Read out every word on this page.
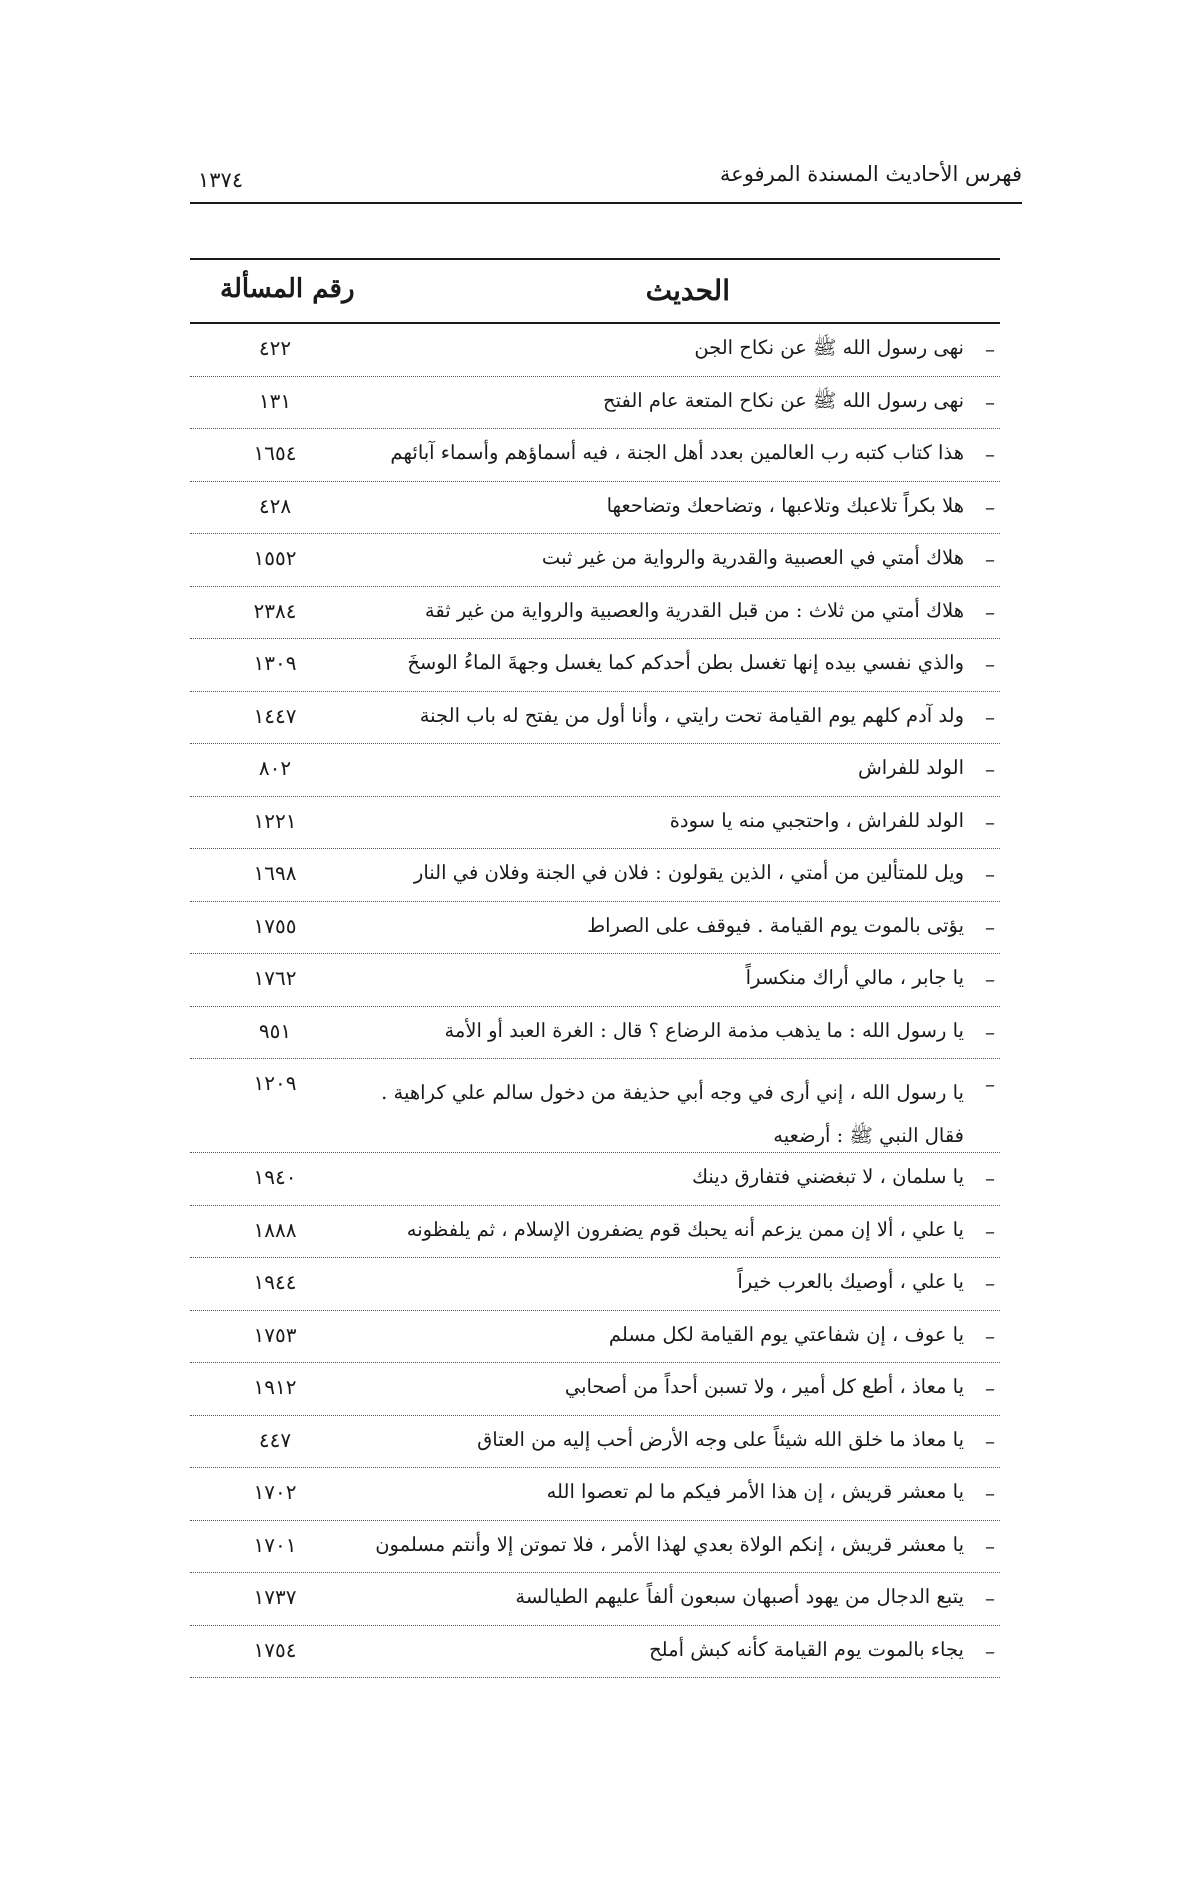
فهرس الأحاديث المسندة المرفوعة
١٣٧٤
الحديث
رقم المسألة
–
نهى رسول الله ﷺ عن نكاح الجن
٤٢٢
–
نهى رسول الله ﷺ عن نكاح المتعة عام الفتح
١٣١
–
هذا كتاب كتبه رب العالمين بعدد أهل الجنة ، فيه أسماؤهم وأسماء آبائهم
١٦٥٤
–
هلا بكراً تلاعبك وتلاعبها ، وتضاحعك وتضاحعها
٤٢٨
–
هلاك أمتي في العصبية والقدرية والرواية من غير ثبت
١٥٥٢
–
هلاك أمتي من ثلاث : من قبل القدرية والعصبية والرواية من غير ثقة
٢٣٨٤
–
والذي نفسي بيده إنها تغسل بطن أحدكم كما يغسل وجهةَ الماءُ الوسخَ
١٣٠٩
–
ولد آدم كلهم يوم القيامة تحت رايتي ، وأنا أول من يفتح له باب الجنة
١٤٤٧
–
الولد للفراش
٨٠٢
–
الولد للفراش ، واحتجبي منه يا سودة
١٢٢١
–
ويل للمتألين من أمتي ، الذين يقولون : فلان في الجنة وفلان في النار
١٦٩٨
–
يؤتى بالموت يوم القيامة . فيوقف على الصراط
١٧٥٥
–
يا جابر ، مالي أراك منكسراً
١٧٦٢
–
يا رسول الله : ما يذهب مذمة الرضاع ؟ قال : الغرة العبد أو الأمة
٩٥١
–
يا رسول الله ، إني أرى في وجه أبي حذيفة من دخول سالم علي كراهية . فقال النبي ﷺ : أرضعيه
١٢٠٩
–
يا سلمان ، لا تبغضني فتفارق دينك
١٩٤٠
–
يا علي ، ألا إن ممن يزعم أنه يحبك قوم يضفرون الإسلام ، ثم يلفظونه
١٨٨٨
–
يا علي ، أوصيك بالعرب خيراً
١٩٤٤
–
يا عوف ، إن شفاعتي يوم القيامة لكل مسلم
١٧٥٣
–
يا معاذ ، أطع كل أمير ، ولا تسبن أحداً من أصحابي
١٩١٢
–
يا معاذ ما خلق الله شيئاً على وجه الأرض أحب إليه من العتاق
٤٤٧
–
يا معشر قريش ، إن هذا الأمر فيكم ما لم تعصوا الله
١٧٠٢
–
يا معشر قريش ، إنكم الولاة بعدي لهذا الأمر ، فلا تموتن إلا وأنتم مسلمون
١٧٠١
–
يتبع الدجال من يهود أصبهان سبعون ألفاً عليهم الطيالسة
١٧٣٧
–
يجاء بالموت يوم القيامة كأنه كبش أملح
١٧٥٤
